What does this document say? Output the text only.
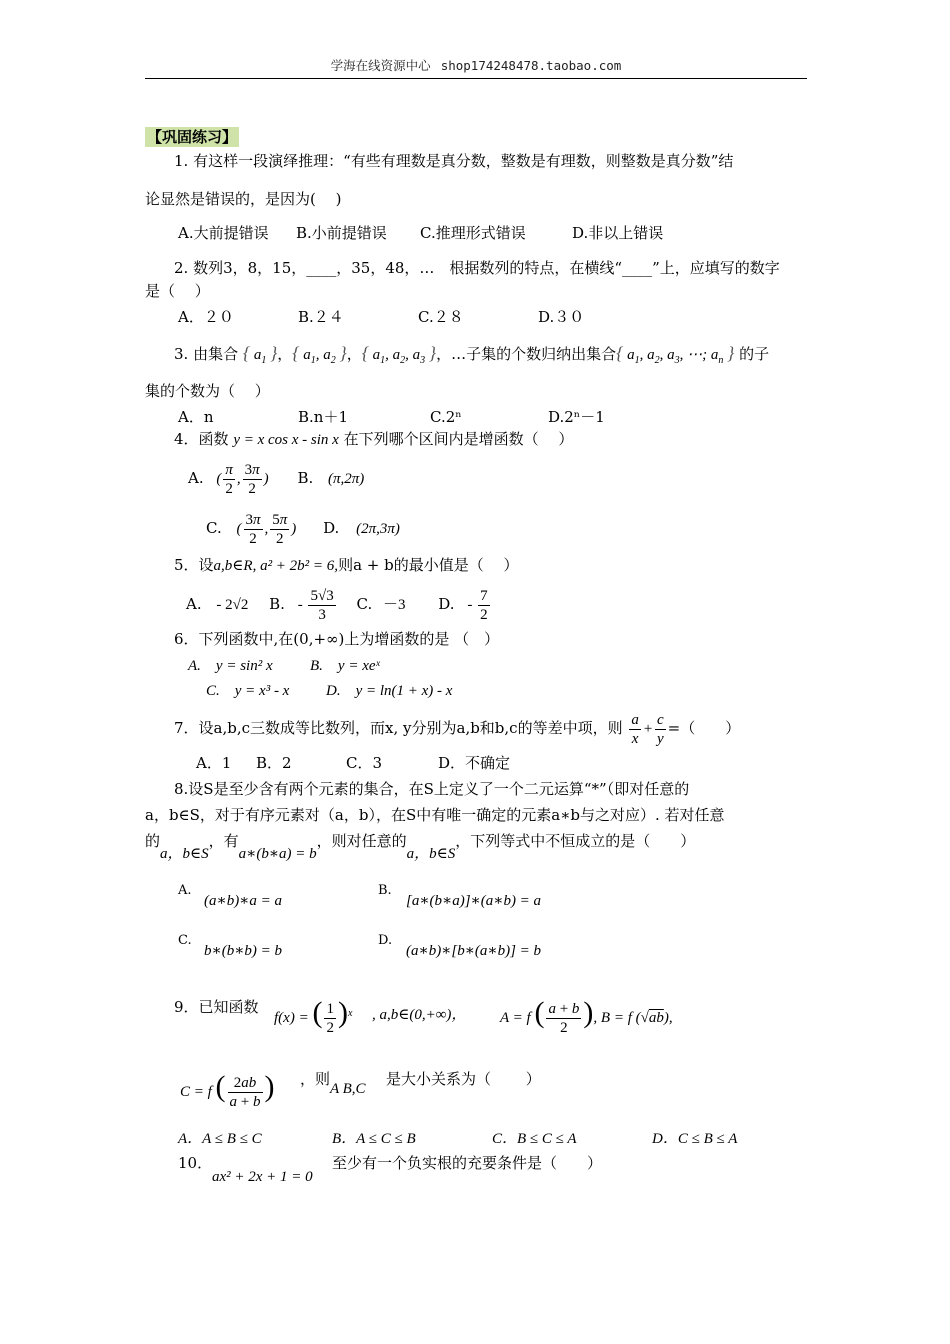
学海在线资源中心 shop174248478.taobao.com
【巩固练习】
1. 有这样一段演绎推理：“有些有理数是真分数，整数是有理数，则整数是真分数”结
论显然是错误的，是因为(　 )
A.大前提错误 B.小前提错误 C.推理形式错误	D.非以上错误
2. 数列3，8，15，____，35，48，…　根据数列的特点，在横线“____”上，应填写的数字
是（　 ）
A．２０	B.２４	C.２８	D.３０
3. 由集合 { $a_1$ }，{ $a_1$, $a_2$ }，{ $a_1$, $a_2$, $a_3$ }，…子集的个数归纳出集合{ $a_1$, $a_2$, $a_3$, ⋯; $a_n$ } 的子
集的个数为（　 ）
A．n	B.n＋1	C.2ⁿ	D.2ⁿ－1
4．函数 y = x cos x - sin x 在下列哪个区间内是增函数（　 ）
A. ( $\frac{\pi}{2}$ , $\frac{3\pi}{2}$ ) B. (π,2π)
C. ( $\frac{3\pi}{2}$ , $\frac{5\pi}{2}$ ) D. (2π,3π)
5．设a,b∈R, a² + 2b² = 6,则a + b的最小值是（　 ）
A. - 2√2 B. - $\frac{5√3}{3} C$. －3 D. - $\frac{7}{2}$
6．下列函数中,在(0,+∞)上为增函数的是 （　）
A.　y = sin² x B.　y = xeˣ
C.　y = x³ - x D.　y = ln(1 + x) - x
7．设a,b,c三数成等比数列，而x, y分别为a,b和b,c的等差中项，则 $\frac{a}{x} + \frac{c}{y}$ =（　　）
A．1 B．2	C．3	D．不确定
8.设S是至少含有两个元素的集合，在S上定义了一个二元运算“*”（即对任意的
a，b∈S，对于有序元素对（a，b），在S中有唯一确定的元素a∗b与之对应）. 若对任意
的a，b∈S，有a∗(b∗a) = b，则对任意的a，b∈S，下列等式中不恒成立的是（　　）
A.
(a∗b)∗a = a
B.
[a∗(b∗a)]∗(a∗b) = a
C.
b∗(b∗b) = b
D.
(a∗b)∗[b∗(a∗b)] = b
9．已知函数
f(x) = ( $\frac{1}{2} )^x$ , a,b∈(0,+∞)， A = f ( $\frac{a + b}{2}$ ), B = f (√ab),
C = f ( $\frac{2ab}{a + b}$ ) ，则
A B,C
是大小关系为（　　 ）
A．A ≤ B ≤ C	B．A ≤ C ≤ B	C．B ≤ C ≤ A	D．C ≤ B ≤ A
10．
ax² + 2x + 1 = 0
至少有一个负实根的充要条件是（　　）
